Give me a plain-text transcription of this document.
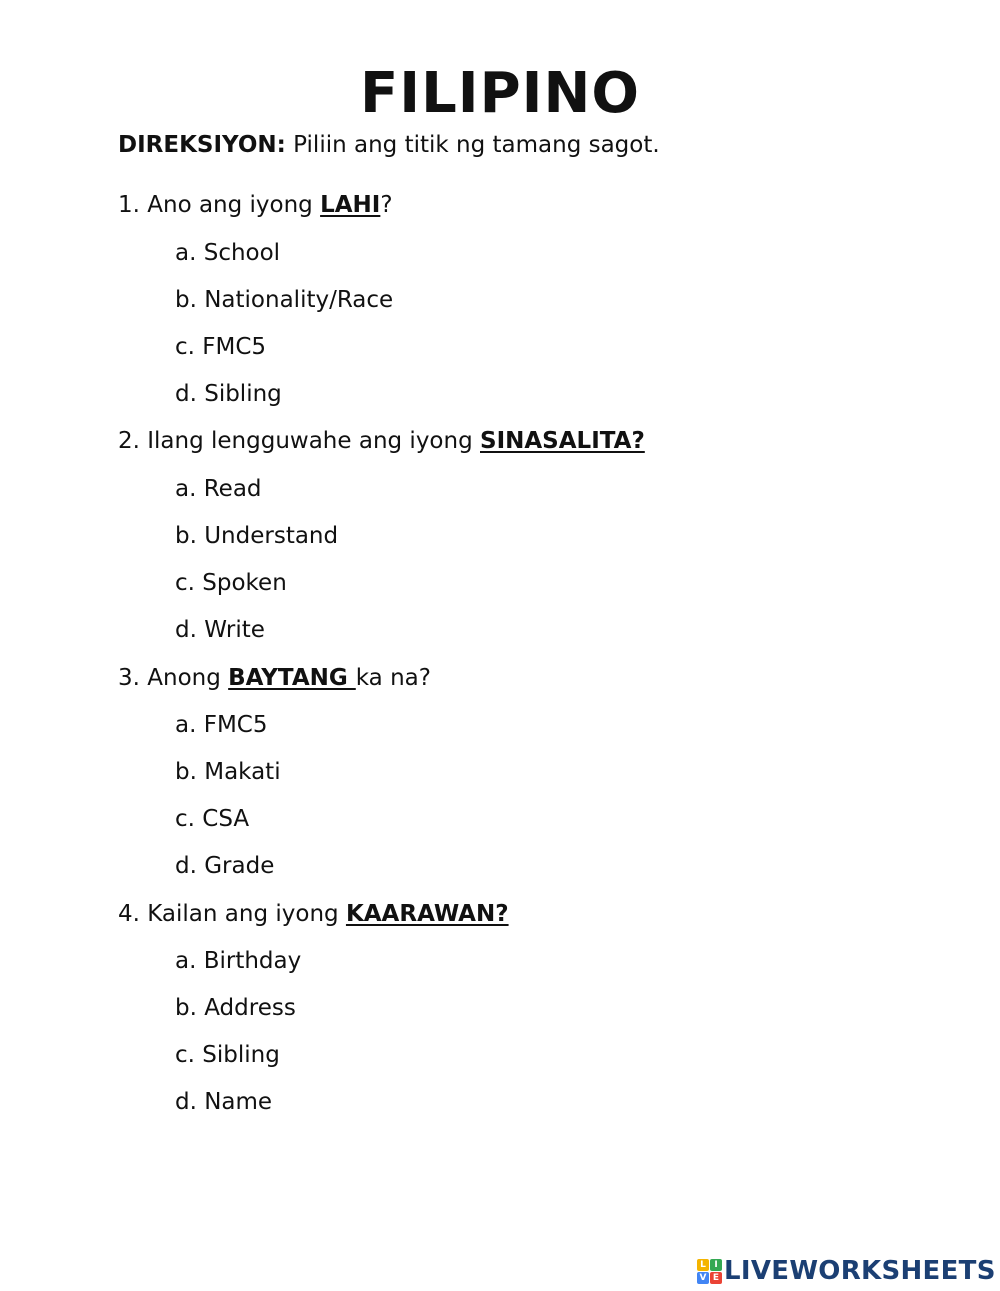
FILIPINO

DIREKSIYON: Piliin ang titik ng tamang sagot.

1. Ano ang iyong LAHI?

a. School

b. Nationality/Race

c. FMC5

d. Sibling

2. Ilang lengguwahe ang iyong SINASALITA?

a. Read

b. Understand

c. Spoken

d. Write

3. Anong BAYTANG ka na?

a. FMC5

b. Makati

c. CSA

d. Grade

4. Kailan ang iyong KAARAWAN?

a. Birthday

b. Address

c. Sibling

d. Name

L I
V E LIVEWORKSHEETS
